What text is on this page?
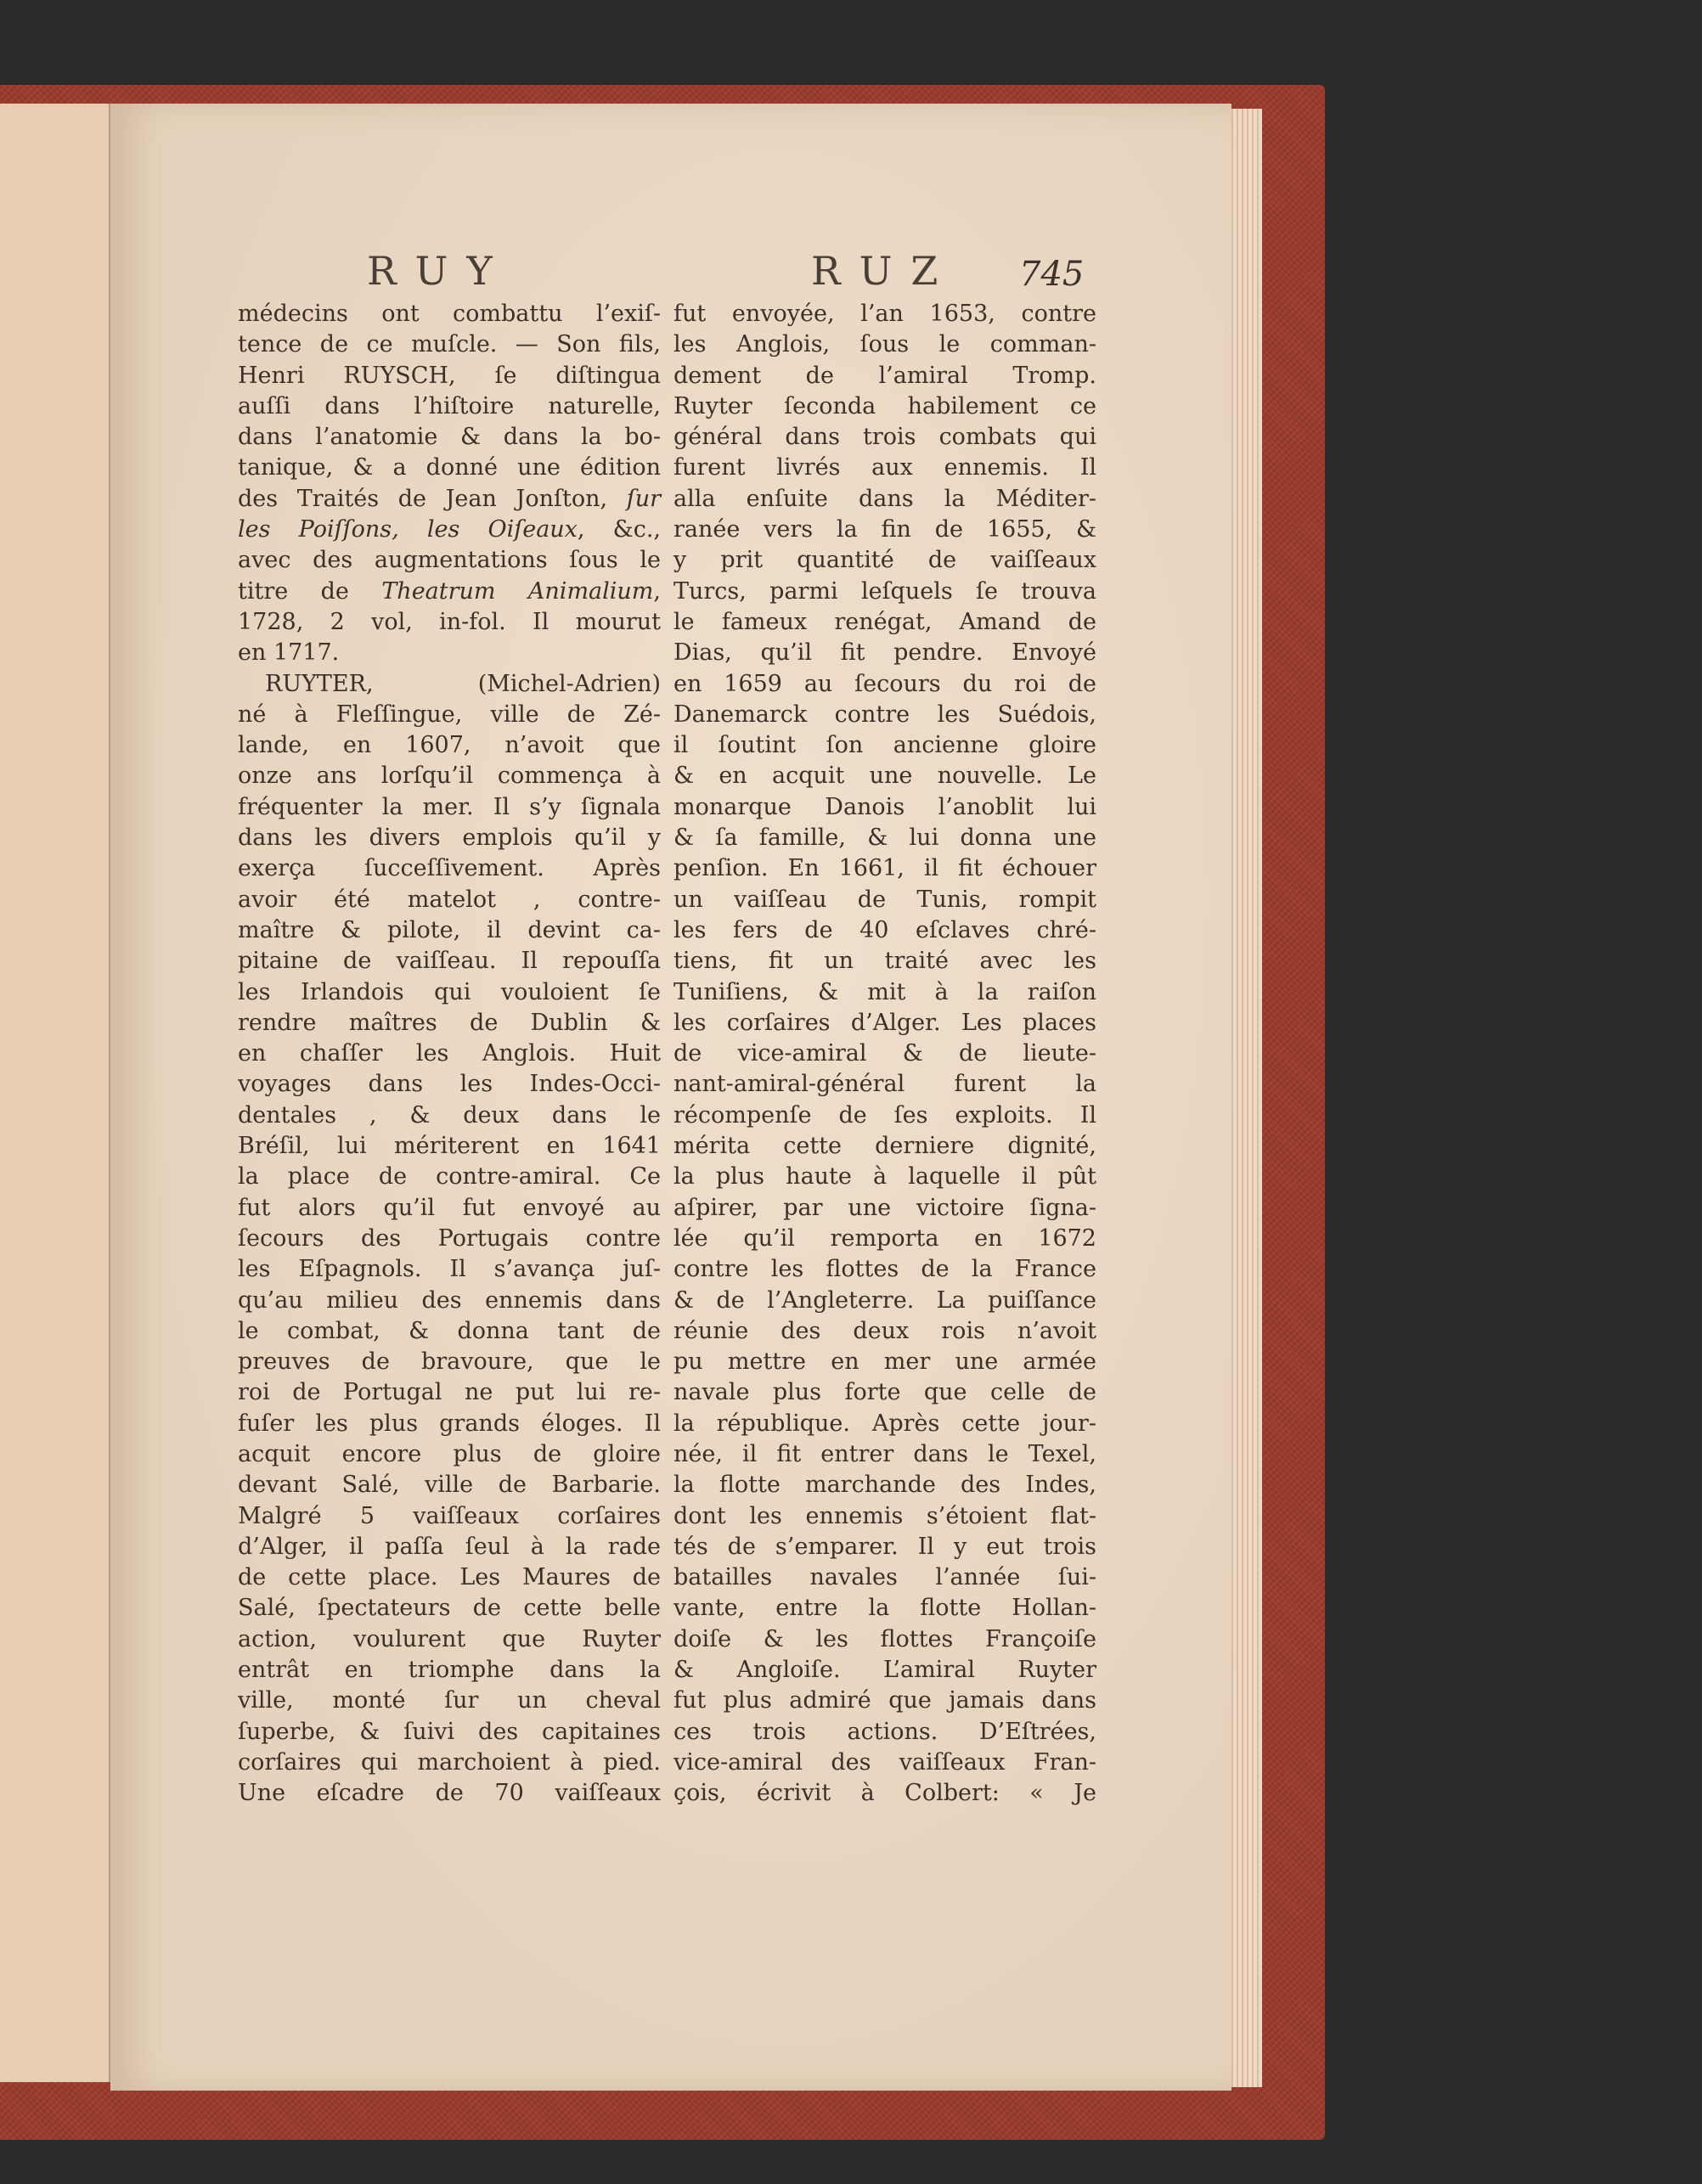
RUY	RUZ 745
médecins ont combattu l’exiſ-
tence de ce muſcle. — Son fils,
Henri RUYSCH, ſe diſtingua
auſſi dans l’hiſtoire naturelle,
dans l’anatomie & dans la bo-
tanique, & a donné une édition
des Traités de Jean Jonſton, ſur
les Poiſſons, les Oiſeaux, &c.,
avec des augmentations ſous le
titre de Theatrum Animalium,
1728, 2 vol, in-fol. Il mourut
en 1717.
RUYTER, (Michel-Adrien)
né à Fleſſingue, ville de Zé-
lande, en 1607, n’avoit que
onze ans lorſqu’il commença à
fréquenter la mer. Il s’y ſignala
dans les divers emplois qu’il y
exerça ſucceſſivement. Après
avoir été matelot , contre-
maître & pilote, il devint ca-
pitaine de vaiſſeau. Il repouſſa
les Irlandois qui vouloient ſe
rendre maîtres de Dublin &
en chaſſer les Anglois. Huit
voyages dans les Indes-Occi-
dentales , & deux dans le
Bréſil, lui mériterent en 1641
la place de contre-amiral. Ce
fut alors qu’il fut envoyé au
ſecours des Portugais contre
les Eſpagnols. Il s’avança juſ-
qu’au milieu des ennemis dans
le combat, & donna tant de
preuves de bravoure, que le
roi de Portugal ne put lui re-
fuſer les plus grands éloges. Il
acquit encore plus de gloire
devant Salé, ville de Barbarie.
Malgré 5 vaiſſeaux corſaires
d’Alger, il paſſa ſeul à la rade
de cette place. Les Maures de
Salé, ſpectateurs de cette belle
action, voulurent que Ruyter
entrât en triomphe dans la
ville, monté ſur un cheval
ſuperbe, & ſuivi des capitaines
corſaires qui marchoient à pied.
Une eſcadre de 70 vaiſſeaux
fut envoyée, l’an 1653, contre
les Anglois, ſous le comman-
dement de l’amiral Tromp.
Ruyter ſeconda habilement ce
général dans trois combats qui
furent livrés aux ennemis. Il
alla enſuite dans la Méditer-
ranée vers la fin de 1655, &
y prit quantité de vaiſſeaux
Turcs, parmi leſquels ſe trouva
le fameux renégat, Amand de
Dias, qu’il fit pendre. Envoyé
en 1659 au ſecours du roi de
Danemarck contre les Suédois,
il ſoutint ſon ancienne gloire
& en acquit une nouvelle. Le
monarque Danois l’anoblit lui
& ſa famille, & lui donna une
penſion. En 1661, il fit échouer
un vaiſſeau de Tunis, rompit
les fers de 40 eſclaves chré-
tiens, fit un traité avec les
Tuniſiens, & mit à la raiſon
les corſaires d’Alger. Les places
de vice-amiral & de lieute-
nant-amiral-général furent la
récompenſe de ſes exploits. Il
mérita cette derniere dignité,
la plus haute à laquelle il pût
aſpirer, par une victoire ſigna-
lée qu’il remporta en 1672
contre les flottes de la France
& de l’Angleterre. La puiſſance
réunie des deux rois n’avoit
pu mettre en mer une armée
navale plus forte que celle de
la république. Après cette jour-
née, il fit entrer dans le Texel,
la flotte marchande des Indes,
dont les ennemis s’étoient flat-
tés de s’emparer. Il y eut trois
batailles navales l’année ſui-
vante, entre la flotte Hollan-
doiſe & les flottes Françoiſe
& Angloiſe. L’amiral Ruyter
fut plus admiré que jamais dans
ces trois actions. D’Eſtrées,
vice-amiral des vaiſſeaux Fran-
çois, écrivit à Colbert: « Je
